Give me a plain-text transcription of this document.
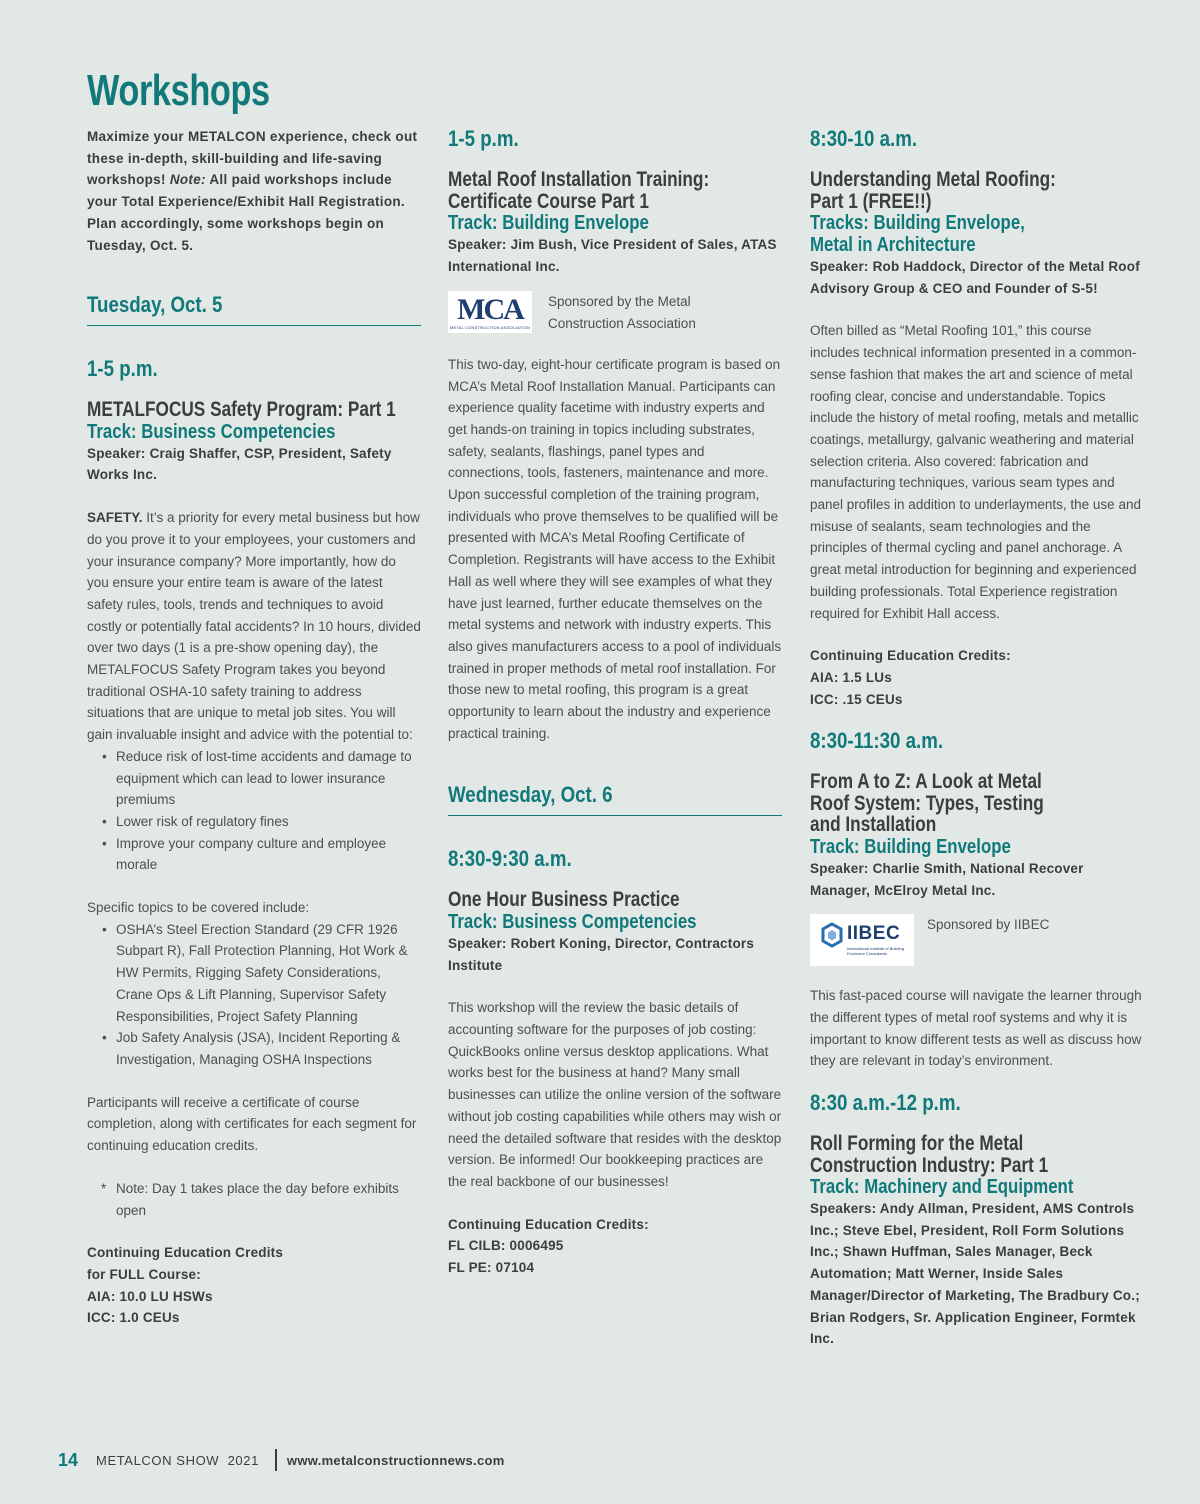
Workshops

Maximize your METALCON experience, check out these in-depth, skill-building and life-saving workshops! Note: All paid workshops include your Total Experience/Exhibit Hall Registration. Plan accordingly, some workshops begin on Tuesday, Oct. 5.

Tuesday, Oct. 5
1-5 p.m.
METALFOCUS Safety Program: Part 1
Track: Business Competencies

Speaker: Craig Shaffer, CSP, President, Safety Works Inc.

SAFETY. It’s a priority for every metal business but how do you prove it to your employees, your customers and your insurance company? More importantly, how do you ensure your entire team is aware of the latest safety rules, tools, trends and techniques to avoid costly or potentially fatal accidents? In 10 hours, divided over two days (1 is a pre-show opening day), the METALFOCUS Safety Program takes you beyond traditional OSHA-10 safety training to address situations that are unique to metal job sites. You will gain invaluable insight and advice with the potential to:

• Reduce risk of lost-time accidents and damage to equipment which can lead to lower insurance premiums
• Lower risk of regulatory fines
• Improve your company culture and employee morale

Specific topics to be covered include:

• OSHA’s Steel Erection Standard (29 CFR 1926 Subpart R), Fall Protection Planning, Hot Work & HW Permits, Rigging Safety Considerations, Crane Ops & Lift Planning, Supervisor Safety Responsibilities, Project Safety Planning
• Job Safety Analysis (JSA), Incident Reporting & Investigation, Managing OSHA Inspections

Participants will receive a certificate of course completion, along with certificates for each segment for continuing education credits.

* Note: Day 1 takes place the day before exhibits open

Continuing Education Credits

for FULL Course:

AIA: 10.0 LU HSWs

ICC: 1.0 CEUs

1-5 p.m.
Metal Roof Installation Training:
Certificate Course Part 1
Track: Building Envelope

Speaker: Jim Bush, Vice President of Sales, ATAS International Inc.

MCA
METAL CONSTRUCTION ASSOCIATION
Sponsored by the Metal Construction Association

This two-day, eight-hour certificate program is based on MCA’s Metal Roof Installation Manual. Participants can experience quality facetime with industry experts and get hands-on training in topics including substrates, safety, sealants, flashings, panel types and connections, tools, fasteners, maintenance and more. Upon successful completion of the training program, individuals who prove themselves to be qualified will be presented with MCA’s Metal Roofing Certificate of Completion. Registrants will have access to the Exhibit Hall as well where they will see examples of what they have just learned, further educate themselves on the metal systems and network with industry experts. This also gives manufacturers access to a pool of individuals trained in proper methods of metal roof installation. For those new to metal roofing, this program is a great opportunity to learn about the industry and experience practical training.

Wednesday, Oct. 6
8:30-9:30 a.m.
One Hour Business Practice
Track: Business Competencies

Speaker: Robert Koning, Director, Contractors Institute

This workshop will the review the basic details of accounting software for the purposes of job costing: QuickBooks online versus desktop applications. What works best for the business at hand? Many small businesses can utilize the online version of the software without job costing capabilities while others may wish or need the detailed software that resides with the desktop version. Be informed! Our bookkeeping practices are the real backbone of our businesses!

Continuing Education Credits:

FL CILB: 0006495

FL PE: 07104

8:30-10 a.m.
Understanding Metal Roofing:
Part 1 (FREE!!)
Tracks: Building Envelope,
Metal in Architecture

Speaker: Rob Haddock, Director of the Metal Roof Advisory Group & CEO and Founder of S-5!

Often billed as “Metal Roofing 101,” this course includes technical information presented in a common-sense fashion that makes the art and science of metal roofing clear, concise and understandable. Topics include the history of metal roofing, metals and metallic coatings, metallurgy, galvanic weathering and material selection criteria. Also covered: fabrication and manufacturing techniques, various seam types and panel profiles in addition to underlayments, the use and misuse of sealants, seam technologies and the principles of thermal cycling and panel anchorage. A great metal introduction for beginning and experienced building professionals. Total Experience registration required for Exhibit Hall access.

Continuing Education Credits:

AIA: 1.5 LUs

ICC: .15 CEUs

8:30-11:30 a.m.
From A to Z: A Look at Metal
Roof System: Types, Testing
and Installation
Track: Building Envelope

Speaker: Charlie Smith, National Recover Manager, McElroy Metal Inc.

IIBEC
International Institute of Building Enclosure Consultants
Sponsored by IIBEC

This fast-paced course will navigate the learner through the different types of metal roof systems and why it is important to know different tests as well as discuss how they are relevant in today’s environment.

8:30 a.m.-12 p.m.
Roll Forming for the Metal
Construction Industry: Part 1
Track: Machinery and Equipment

Speakers: Andy Allman, President, AMS Controls Inc.; Steve Ebel, President, Roll Form Solutions Inc.; Shawn Huffman, Sales Manager, Beck Automation; Matt Werner, Inside Sales Manager/Director of Marketing, The Bradbury Co.; Brian Rodgers, Sr. Application Engineer, Formtek Inc.

14 METALCON SHOW  2021 www.metalconstructionnews.com
